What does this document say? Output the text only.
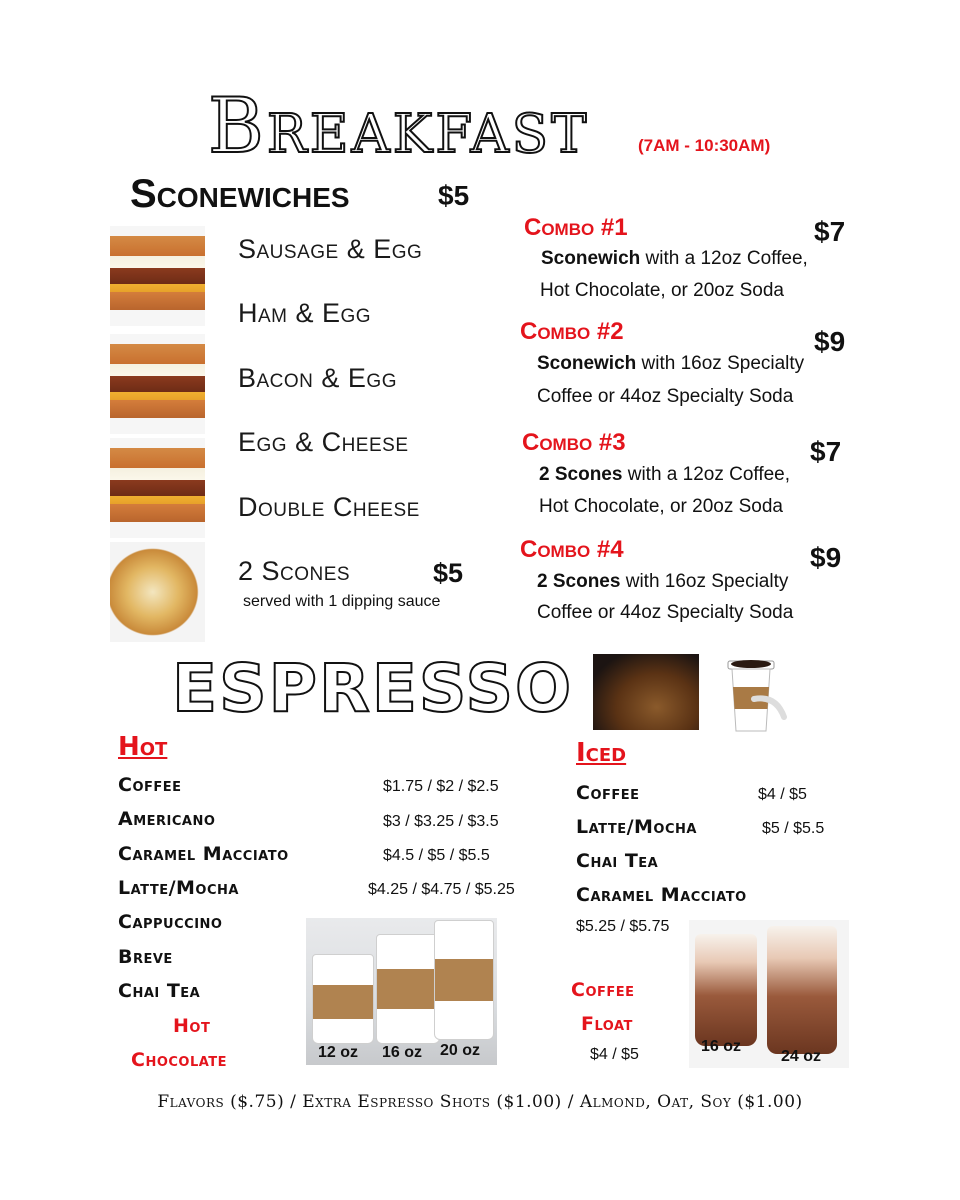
Breakfast	(7AM - 10:30AM)
Sconewiches	$5
Sausage & Egg
Ham & Egg
Bacon & Egg
Egg & Cheese
Double Cheese
2 Scones	$5
served with 1 dipping sauce
Combo #1	$7
Sconewich with a 12oz Coffee,
Hot Chocolate, or 20oz Soda
Combo #2	$9
Sconewich with 16oz Specialty
Coffee or 44oz Specialty Soda
Combo #3	$7
2 Scones with a 12oz Coffee,
Hot Chocolate, or 20oz Soda
Combo #4	$9
2 Scones with 16oz Specialty
Coffee or 44oz Specialty Soda
ESPRESSO
Hot
Coffee	$1.75 / $2 / $2.5
Americano	$3 / $3.25 / $3.5
Caramel Macciato	$4.5 / $5 / $5.5
Latte/Mocha	$4.25 / $4.75 / $5.25
Cappuccino
Breve
Chai Tea
Hot
Chocolate	12 oz 16 oz 20 oz
Iced
Coffee	$4 / $5
Latte/Mocha	$5 / $5.5
Chai Tea
Caramel Macciato
$5.25 / $5.75
Coffee
Float
$4 / $5	16 oz
24 oz
Flavors ($.75) / Extra Espresso Shots ($1.00) / Almond, Oat, Soy ($1.00)
